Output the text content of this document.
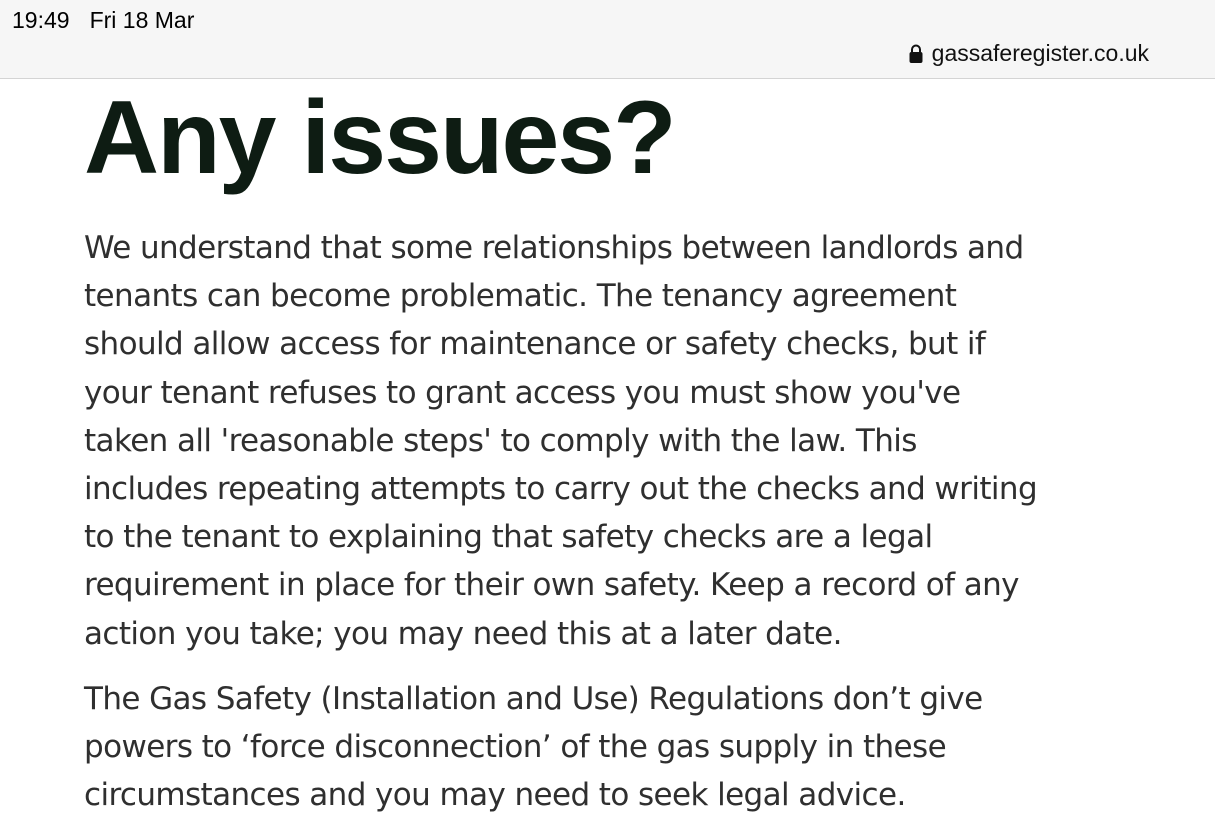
19:49 Fri 18 Mar
gassaferegister.co.uk
Any issues?

We understand that some relationships between landlords and
tenants can become problematic. The tenancy agreement
should allow access for maintenance or safety checks, but if
your tenant refuses to grant access you must show you've
taken all 'reasonable steps' to comply with the law. This
includes repeating attempts to carry out the checks and writing
to the tenant to explaining that safety checks are a legal
requirement in place for their own safety. Keep a record of any
action you take; you may need this at a later date.

The Gas Safety (Installation and Use) Regulations don’t give
powers to ‘force disconnection’ of the gas supply in these
circumstances and you may need to seek legal advice.
